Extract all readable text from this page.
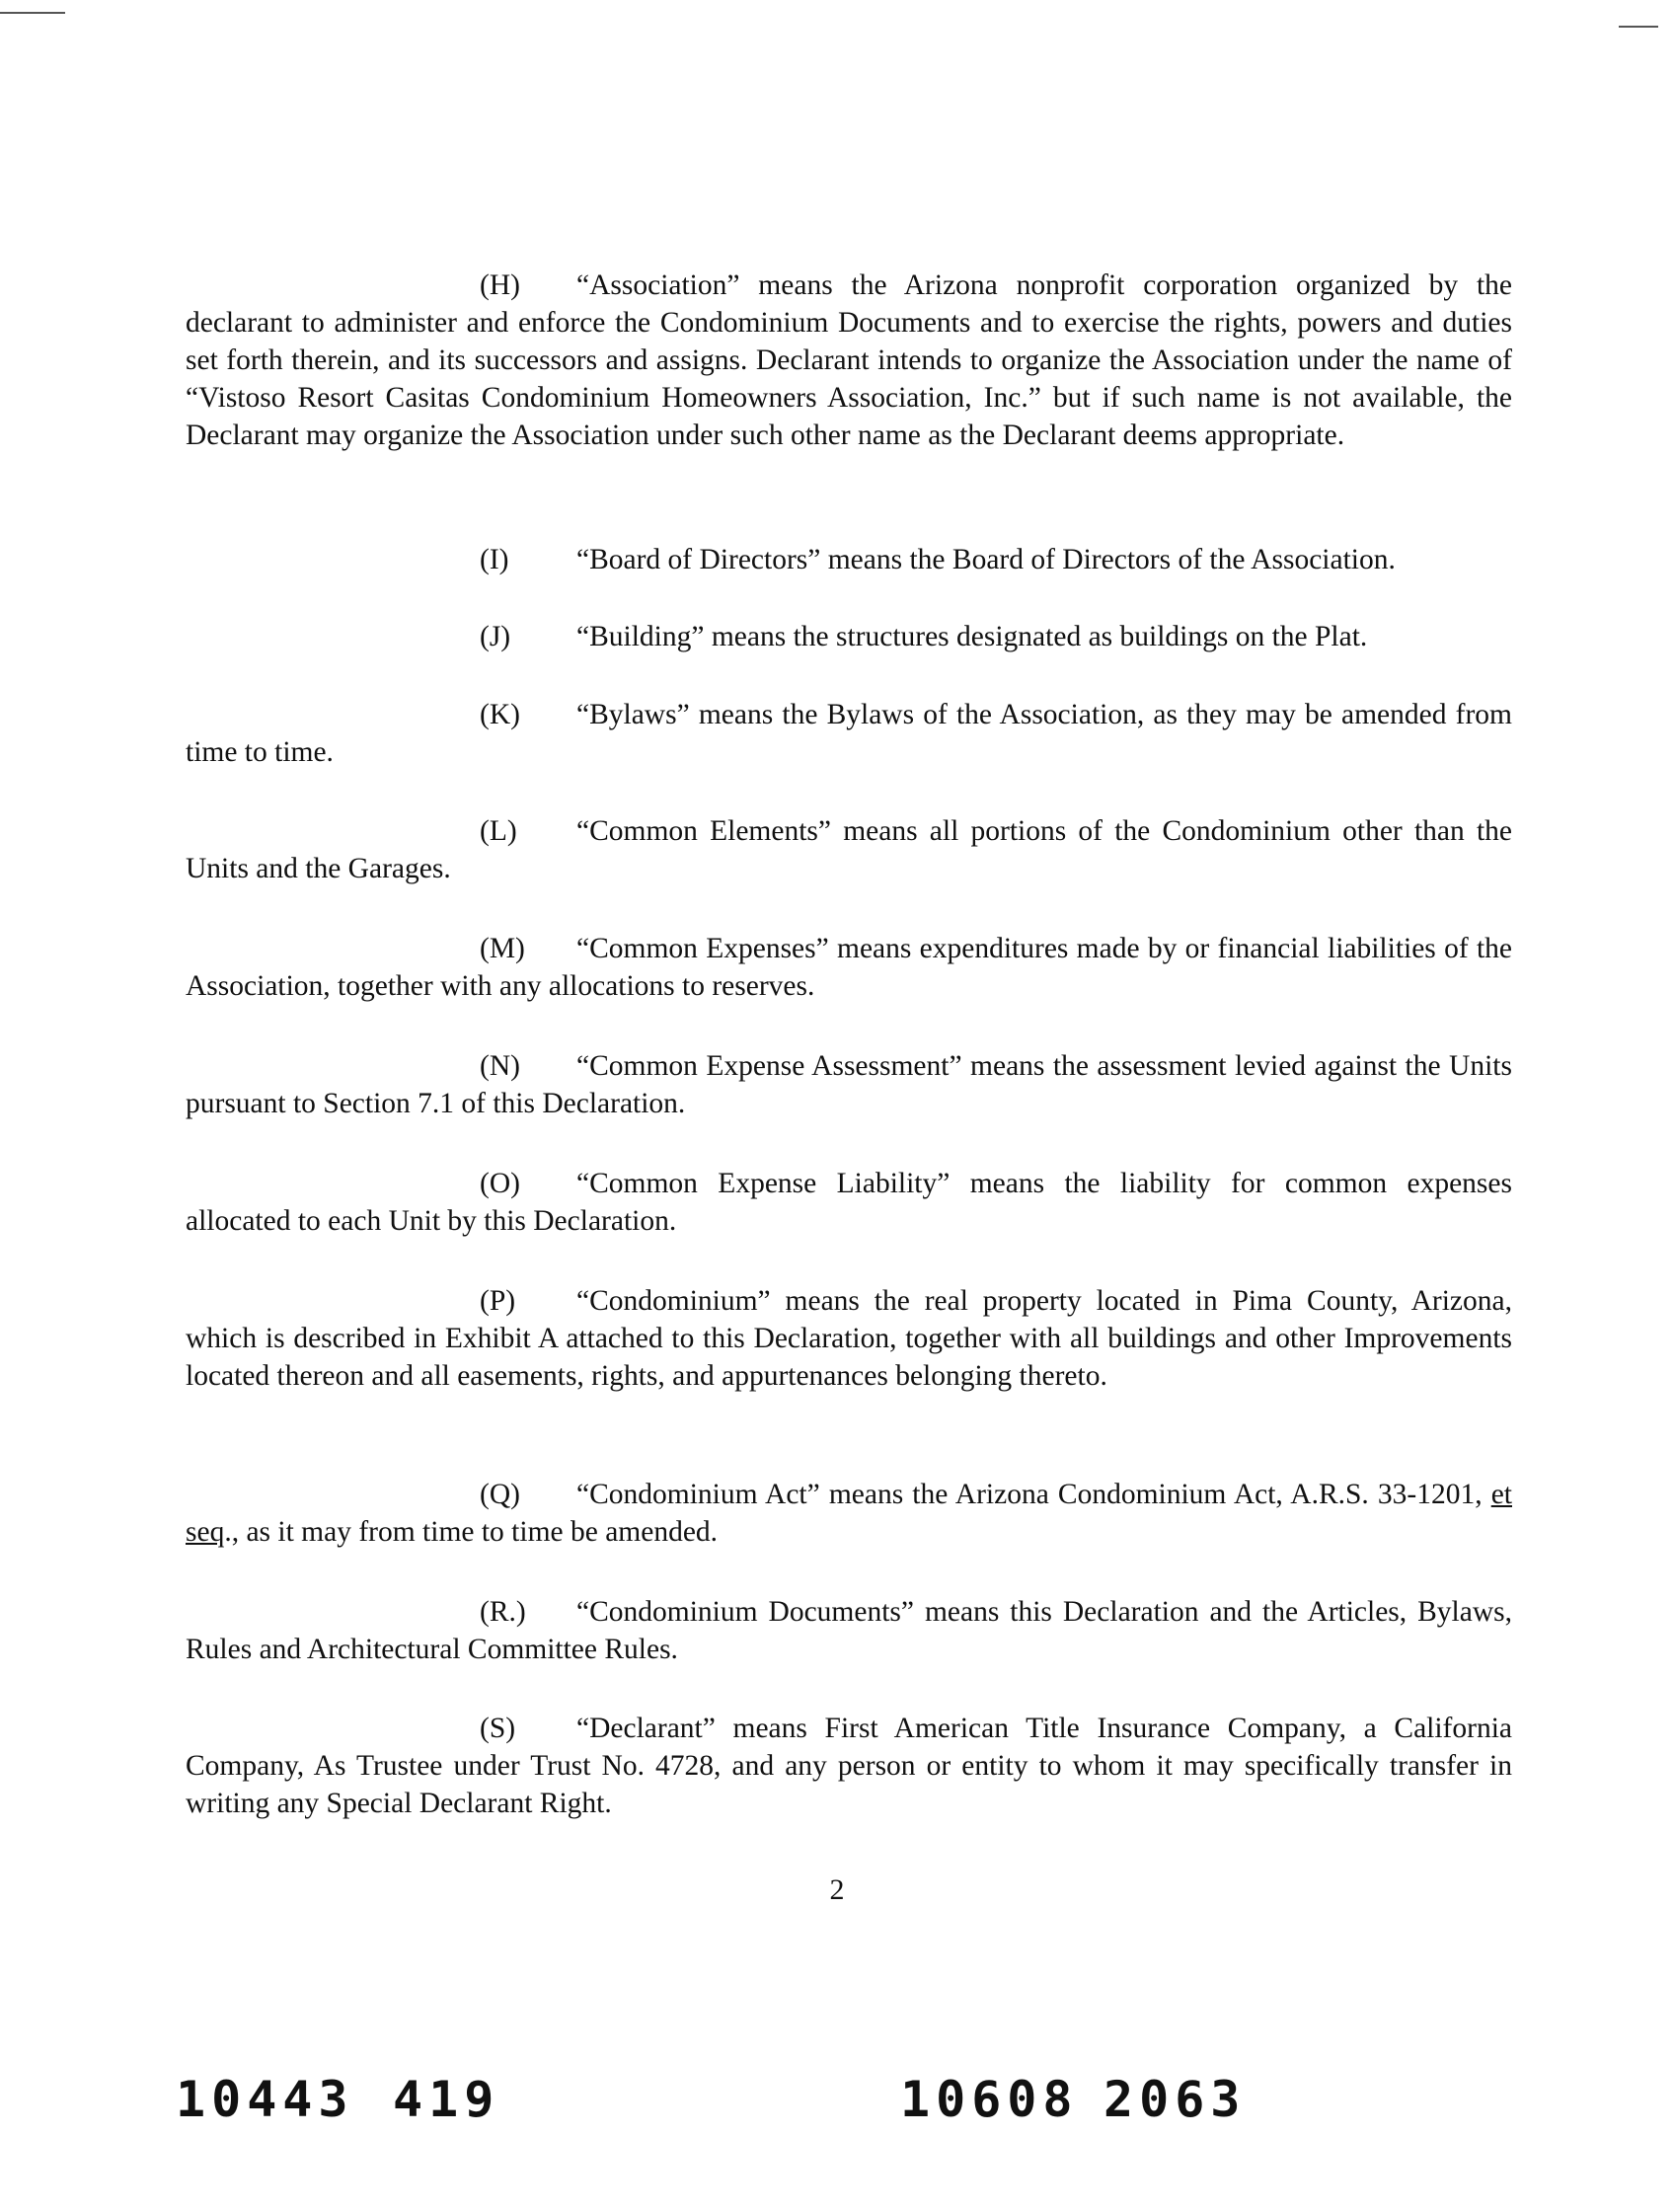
(H) “Association” means the Arizona nonprofit corporation organized by the declarant to administer and enforce the Condominium Documents and to exercise the rights, powers and duties set forth therein, and its successors and assigns. Declarant intends to organize the Association under the name of “Vistoso Resort Casitas Condominium Homeowners Association, Inc.” but if such name is not available, the Declarant may organize the Association under such other name as the Declarant deems appropriate.

(I) “Board of Directors” means the Board of Directors of the Association.

(J) “Building” means the structures designated as buildings on the Plat.

(K) “Bylaws” means the Bylaws of the Association, as they may be amended from time to time.

(L) “Common Elements” means all portions of the Condominium other than the Units and the Garages.

(M) “Common Expenses” means expenditures made by or financial liabilities of the Association, together with any allocations to reserves.

(N) “Common Expense Assessment” means the assessment levied against the Units pursuant to Section 7.1 of this Declaration.

(O) “Common Expense Liability” means the liability for common expenses allocated to each Unit by this Declaration.

(P) “Condominium” means the real property located in Pima County, Arizona, which is described in Exhibit A attached to this Declaration, together with all buildings and other Improvements located thereon and all easements, rights, and appurtenances belonging thereto.

(Q) “Condominium Act” means the Arizona Condominium Act, A.R.S. 33-1201, et seq., as it may from time to time be amended.

(R.) “Condominium Documents” means this Declaration and the Articles, Bylaws, Rules and Architectural Committee Rules.

(S) “Declarant” means First American Title Insurance Company, a California Company, As Trustee under Trust No. 4728, and any person or entity to whom it may specifically transfer in writing any Special Declarant Right.

2
10443 419	10608 2063
